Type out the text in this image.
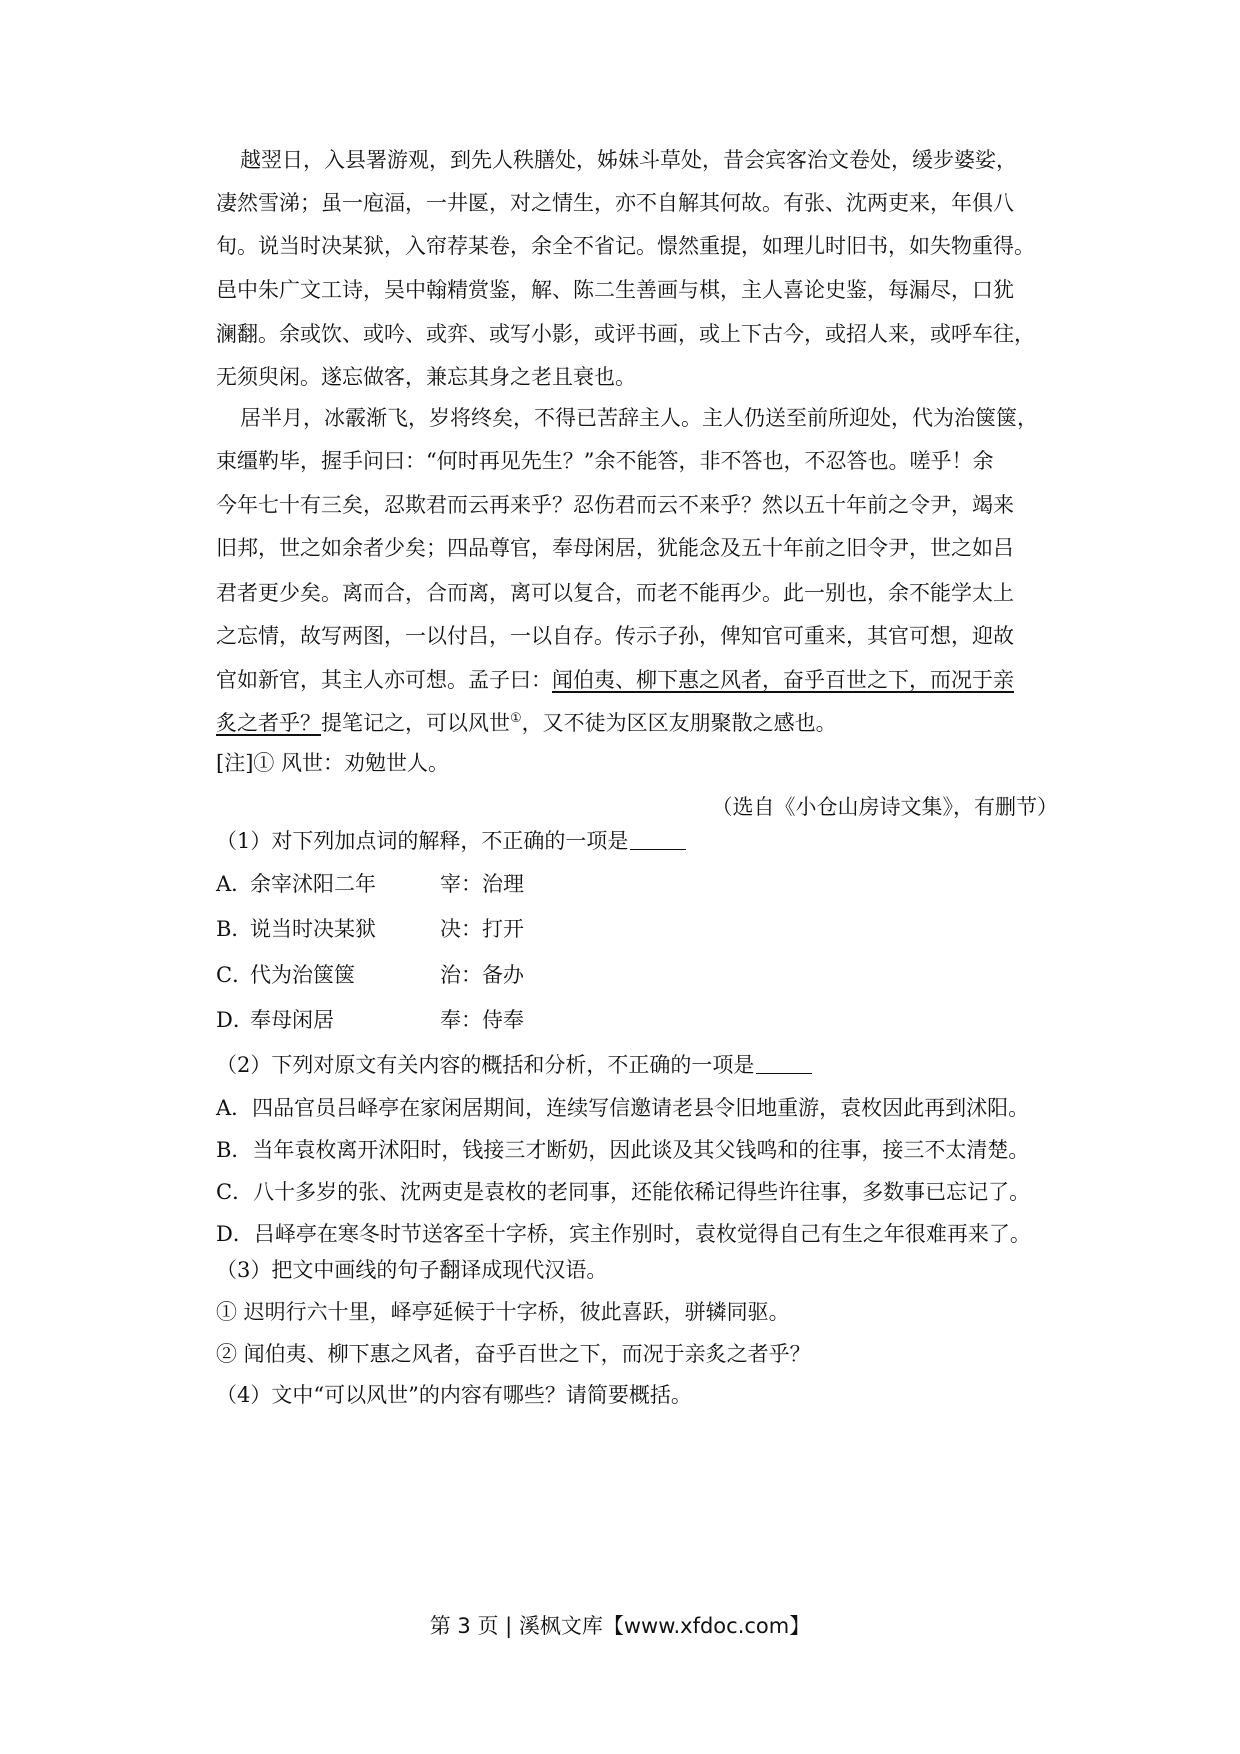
越翌日，入县署游观，到先人秩膳处，姊妹斗草处，昔会宾客治文卷处，缓步婆娑，
凄然雪涕；虽一庖湢，一井匽，对之情生，亦不自解其何故。有张、沈两吏来，年俱八
旬。说当时决某狱，入帘荐某卷，余全不省记。憬然重提，如理儿时旧书，如失物重得。
邑中朱广文工诗，吴中翰精赏鉴，解、陈二生善画与棋，主人喜论史鉴，每漏尽，口犹
澜翻。余或饮、或吟、或弈、或写小影，或评书画，或上下古今，或招人来，或呼车往，
无须臾闲。遂忘做客，兼忘其身之老且衰也。
居半月，冰霰渐飞，岁将终矣，不得已苦辞主人。主人仍送至前所迎处，代为治箧箧，
束缰靮毕，握手问曰：“何时再见先生？”余不能答，非不答也，不忍答也。嗟乎！余
今年七十有三矣，忍欺君而云再来乎？忍伤君而云不来乎？然以五十年前之令尹，竭来
旧邦，世之如余者少矣；四品尊官，奉母闲居，犹能念及五十年前之旧令尹，世之如吕
君者更少矣。离而合，合而离，离可以复合，而老不能再少。此一别也，余不能学太上
之忘情，故写两图，一以付吕，一以自存。传示子孙，俾知官可重来，其官可想，迎故
官如新官，其主人亦可想。孟子曰：闻伯夷、柳下惠之风者，奋乎百世之下，而况于亲
炙之者乎？提笔记之，可以风世①，又不徒为区区友朋聚散之感也。
[注]① 风世：劝勉世人。
（选自《小仓山房诗文集》，有删节）
（1）对下列加点词的解释，不正确的一项是
A．余宰沭阳二年	宰：治理
B．说当时决某狱	决：打开
C．代为治箧箧	治：备办
D．奉母闲居	奉：侍奉
（2）下列对原文有关内容的概括和分析，不正确的一项是
A．四品官员吕峄亭在家闲居期间，连续写信邀请老县令旧地重游，袁枚因此再到沭阳。
B．当年袁枚离开沭阳时，钱接三才断奶，因此谈及其父钱鸣和的往事，接三不太清楚。
C．八十多岁的张、沈两吏是袁枚的老同事，还能依稀记得些许往事，多数事已忘记了。
D．吕峄亭在寒冬时节送客至十字桥，宾主作别时，袁枚觉得自己有生之年很难再来了。
（3）把文中画线的句子翻译成现代汉语。
① 迟明行六十里，峄亭延候于十字桥，彼此喜跃，骈辚同驱。
② 闻伯夷、柳下惠之风者，奋乎百世之下，而况于亲炙之者乎？
（4）文中“可以风世”的内容有哪些？请简要概括。
第 3 页 | 溪枫文库【www.xfdoc.com】
